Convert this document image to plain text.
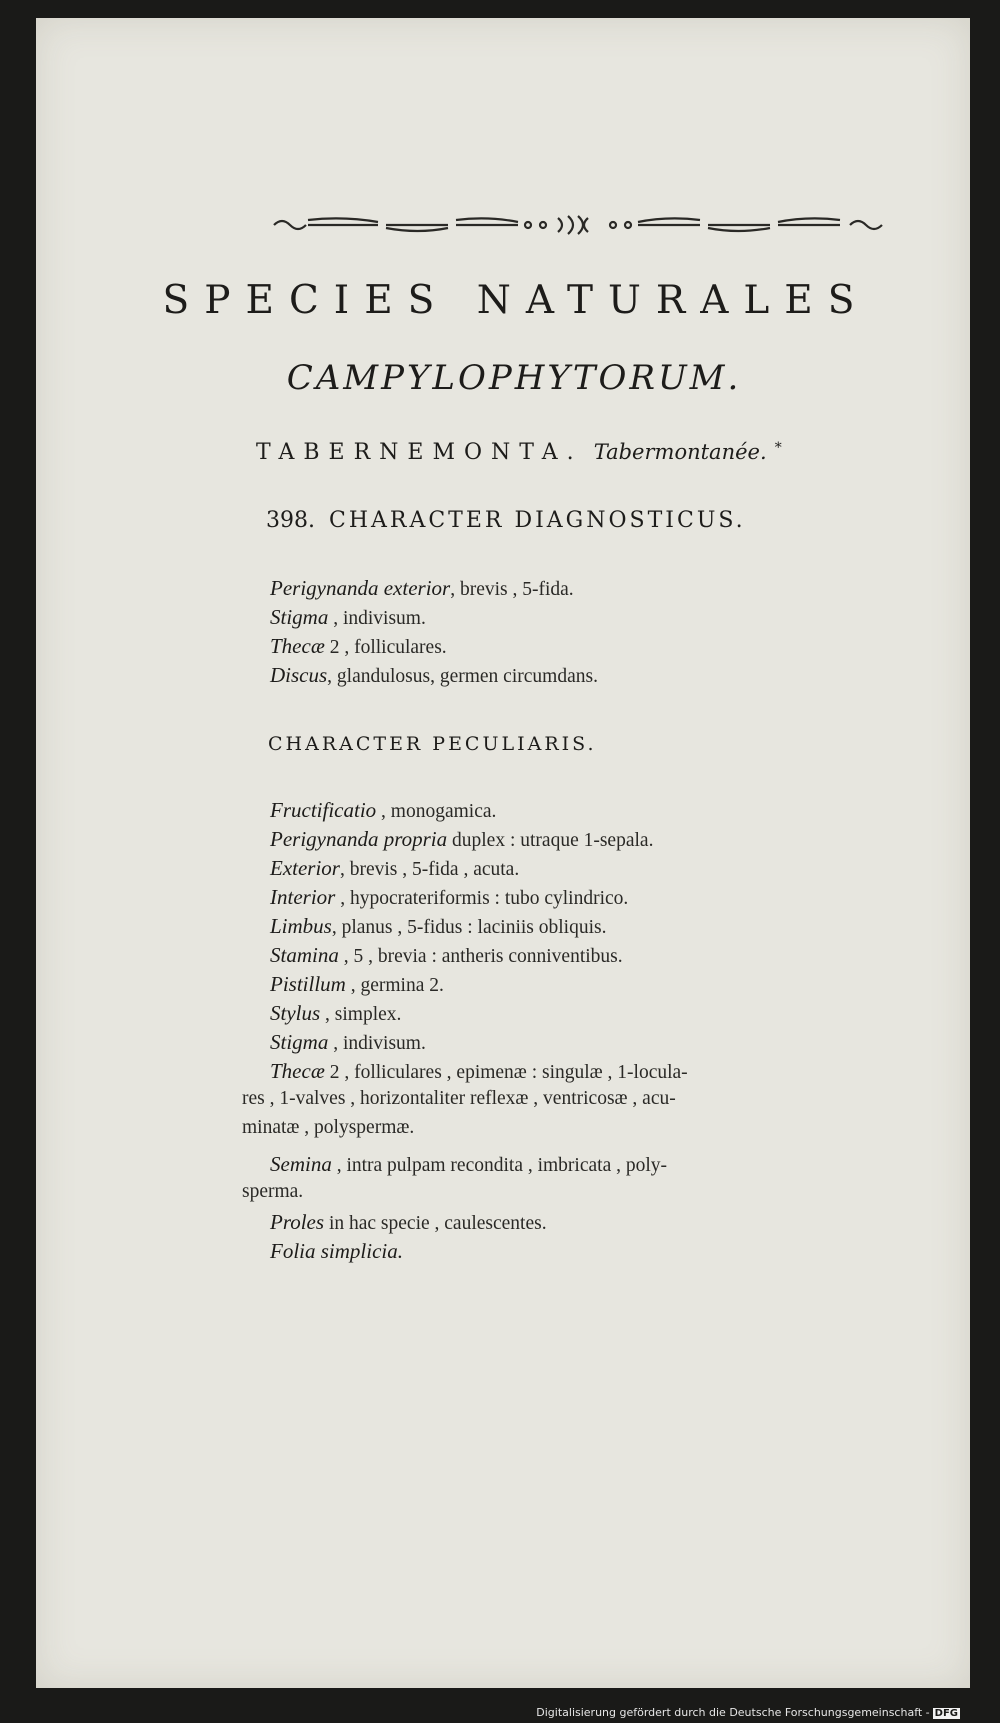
SPECIES NATURALES
CAMPYLOPHYTORUM.
TABERNEMONTA. Tabermontanée. *
398. CHARACTER DIAGNOSTICUS.
Perigynanda exterior, brevis , 5-fida.
Stigma , indivisum.
Thecæ 2 , folliculares.
Discus, glandulosus, germen circumdans.
CHARACTER PECULIARIS.
Fructificatio , monogamica.
Perigynanda propria duplex : utraque 1-sepala.
Exterior, brevis , 5-fida , acuta.
Interior , hypocrateriformis : tubo cylindrico.
Limbus, planus , 5-fidus : laciniis obliquis.
Stamina , 5 , brevia : antheris conniventibus.
Pistillum , germina 2.
Stylus , simplex.
Stigma , indivisum.
Thecæ 2 , folliculares , epimenæ : singulæ , 1-locula-
res , 1-valves , horizontaliter reflexæ , ventricosæ , acu-
minatæ , polyspermæ.
Semina , intra pulpam recondita , imbricata , poly-
sperma.
Proles in hac specie , caulescentes.
Folia simplicia.
Digitalisierung gefördert durch die Deutsche Forschungsgemeinschaft - DFG
